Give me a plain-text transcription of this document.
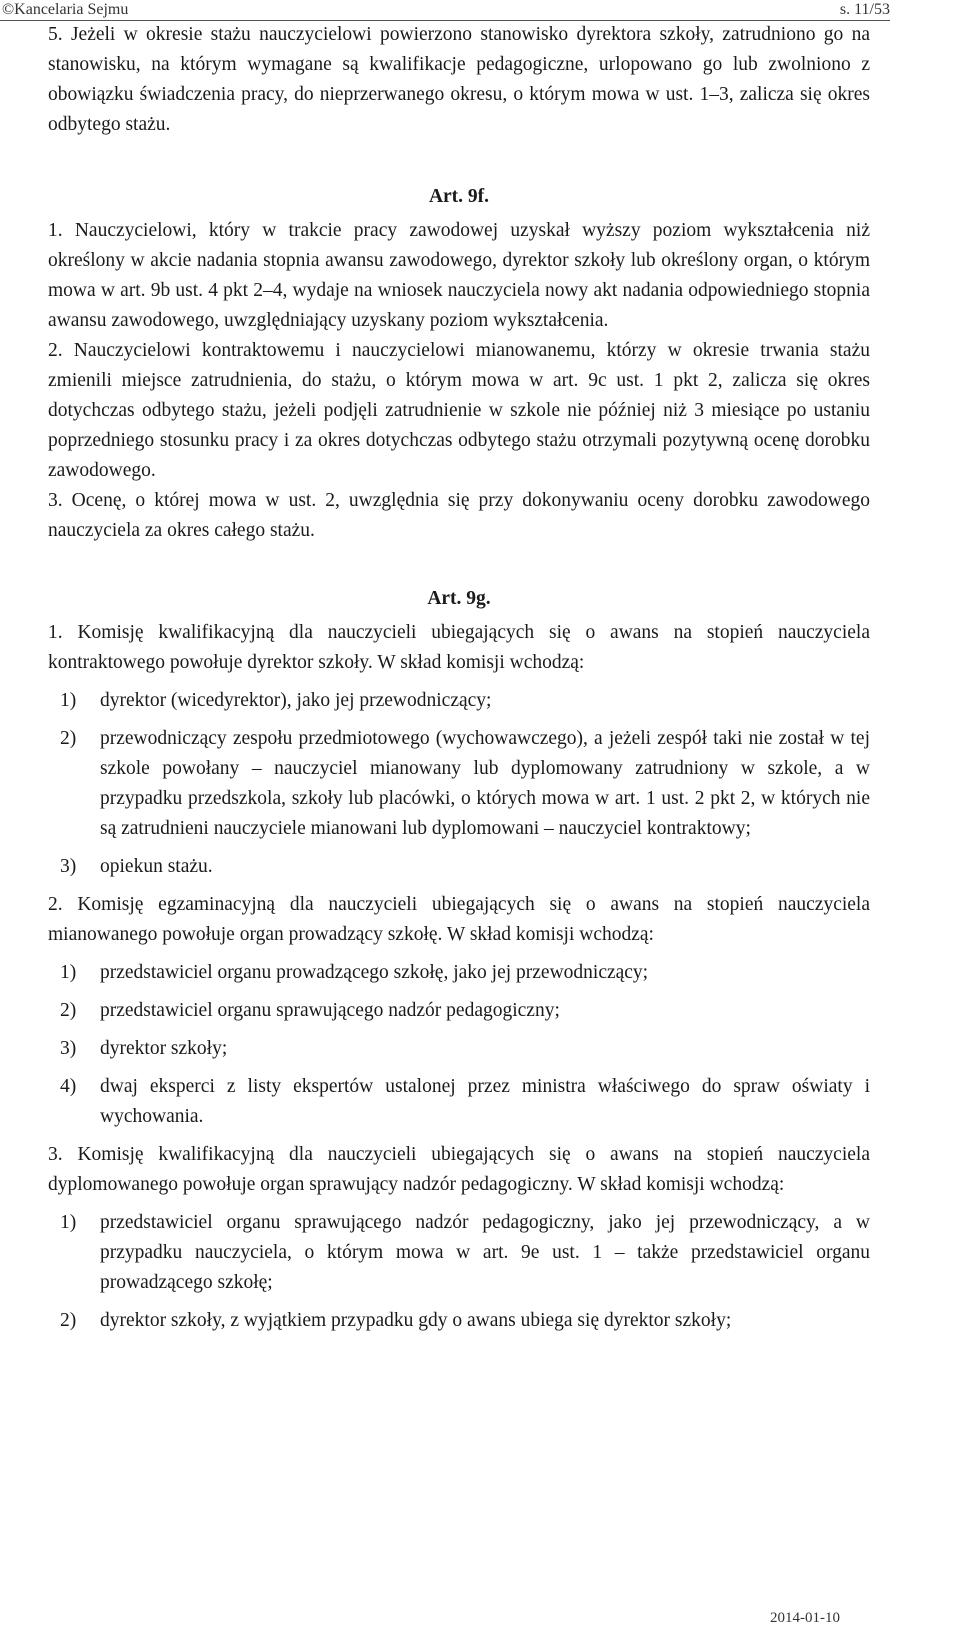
©Kancelaria Sejmu	s. 11/53

5. Jeżeli w okresie stażu nauczycielowi powierzono stanowisko dyrektora szkoły, zatrudniono go na stanowisku, na którym wymagane są kwalifikacje pedagogiczne, urlopowano go lub zwolniono z obowiązku świadczenia pracy, do nieprzerwanego okresu, o którym mowa w ust. 1–3, zalicza się okres odbytego stażu.

Art. 9f.

1. Nauczycielowi, który w trakcie pracy zawodowej uzyskał wyższy poziom wykształcenia niż określony w akcie nadania stopnia awansu zawodowego, dyrektor szkoły lub określony organ, o którym mowa w art. 9b ust. 4 pkt 2–4, wydaje na wniosek nauczyciela nowy akt nadania odpowiedniego stopnia awansu zawodowego, uwzględniający uzyskany poziom wykształcenia.

2. Nauczycielowi kontraktowemu i nauczycielowi mianowanemu, którzy w okresie trwania stażu zmienili miejsce zatrudnienia, do stażu, o którym mowa w art. 9c ust. 1 pkt 2, zalicza się okres dotychczas odbytego stażu, jeżeli podjęli zatrudnienie w szkole nie później niż 3 miesiące po ustaniu poprzedniego stosunku pracy i za okres dotychczas odbytego stażu otrzymali pozytywną ocenę dorobku zawodowego.

3. Ocenę, o której mowa w ust. 2, uwzględnia się przy dokonywaniu oceny dorobku zawodowego nauczyciela za okres całego stażu.

Art. 9g.

1. Komisję kwalifikacyjną dla nauczycieli ubiegających się o awans na stopień nauczyciela kontraktowego powołuje dyrektor szkoły. W skład komisji wchodzą:

1) dyrektor (wicedyrektor), jako jej przewodniczący;
2) przewodniczący zespołu przedmiotowego (wychowawczego), a jeżeli zespół taki nie został w tej szkole powołany – nauczyciel mianowany lub dyplomowany zatrudniony w szkole, a w przypadku przedszkola, szkoły lub placówki, o których mowa w art. 1 ust. 2 pkt 2, w których nie są zatrudnieni nauczyciele mianowani lub dyplomowani – nauczyciel kontraktowy;
3) opiekun stażu.

2. Komisję egzaminacyjną dla nauczycieli ubiegających się o awans na stopień nauczyciela mianowanego powołuje organ prowadzący szkołę. W skład komisji wchodzą:

1) przedstawiciel organu prowadzącego szkołę, jako jej przewodniczący;
2) przedstawiciel organu sprawującego nadzór pedagogiczny;
3) dyrektor szkoły;
4) dwaj eksperci z listy ekspertów ustalonej przez ministra właściwego do spraw oświaty i wychowania.

3. Komisję kwalifikacyjną dla nauczycieli ubiegających się o awans na stopień nauczyciela dyplomowanego powołuje organ sprawujący nadzór pedagogiczny. W skład komisji wchodzą:

1) przedstawiciel organu sprawującego nadzór pedagogiczny, jako jej przewodniczący, a w przypadku nauczyciela, o którym mowa w art. 9e ust. 1 – także przedstawiciel organu prowadzącego szkołę;
2) dyrektor szkoły, z wyjątkiem przypadku gdy o awans ubiega się dyrektor szkoły;
2014-01-10
